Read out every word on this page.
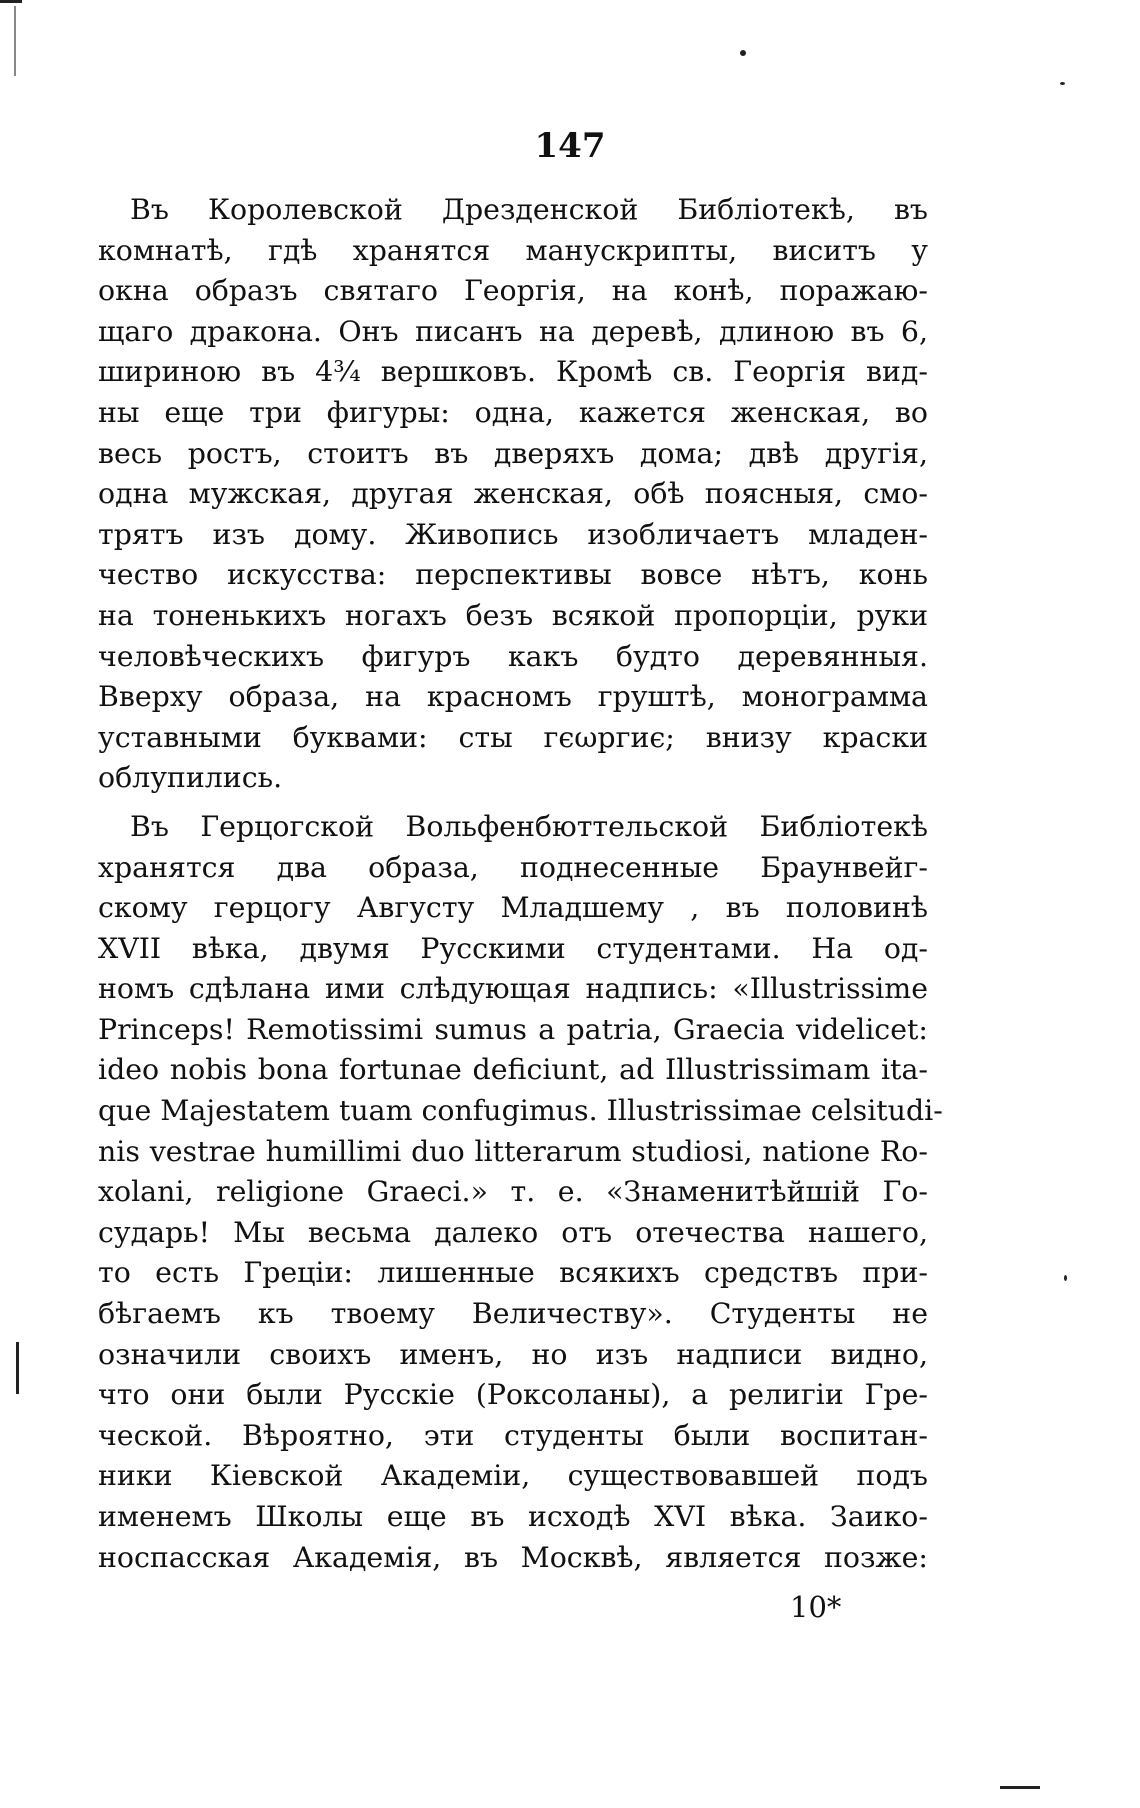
147
Въ Королевской Дрезденской Библіотекѣ, въ
комнатѣ, гдѣ хранятся манускрипты, виситъ у
окна образъ святаго Георгія, на конѣ, поражаю-
щаго дракона. Онъ писанъ на деревѣ, длиною въ 6,
шириною въ 4¾ вершковъ. Кромѣ св. Георгія вид-
ны еще три фигуры: одна, кажется женская, во
весь ростъ, стоитъ въ дверяхъ дома; двѣ другія,
одна мужская, другая женская, обѣ поясныя, смо-
трятъ изъ дому. Живопись изобличаетъ младен-
чество искусства: перспективы вовсе нѣтъ, конь
на тоненькихъ ногахъ безъ всякой пропорціи, руки
человѣческихъ фигуръ какъ будто деревянныя.
Вверху образа, на красномъ груштѣ, монограмма
уставными буквами: сты гєωргиє; внизу краски
облупились.
Въ Герцогской Вольфенбюттельской Библіотекѣ
хранятся два образа, поднесенные Браунвейг-
скому герцогу Августу Младшему , въ половинѣ
XVII вѣка, двумя Русскими студентами. На од-
номъ сдѣлана ими слѣдующая надпись: «Illustrissime
Princeps! Remotissimi sumus a patria, Graecia videlicet:
ideo nobis bona fortunae deficiunt, ad Illustrissimam ita-
que Majestatem tuam confugimus. Illustrissimae celsitudi-
nis vestrae humillimi duo litterarum studiosi, natione Ro-
xolani, religione Graeci.» т. е. «Знаменитѣйшій Го-
сударь! Мы весьма далеко отъ отечества нашего,
то есть Греціи: лишенные всякихъ средствъ при-
бѣгаемъ къ твоему Величеству». Студенты не
означили своихъ именъ, но изъ надписи видно,
что они были Русскіе (Роксоланы), а религіи Гре-
ческой. Вѣроятно, эти студенты были воспитан-
ники Кіевской Академіи, существовавшей подъ
именемъ Школы еще въ исходѣ XVI вѣка. Заико-
носпасская Академія, въ Москвѣ, является позже:
10*
